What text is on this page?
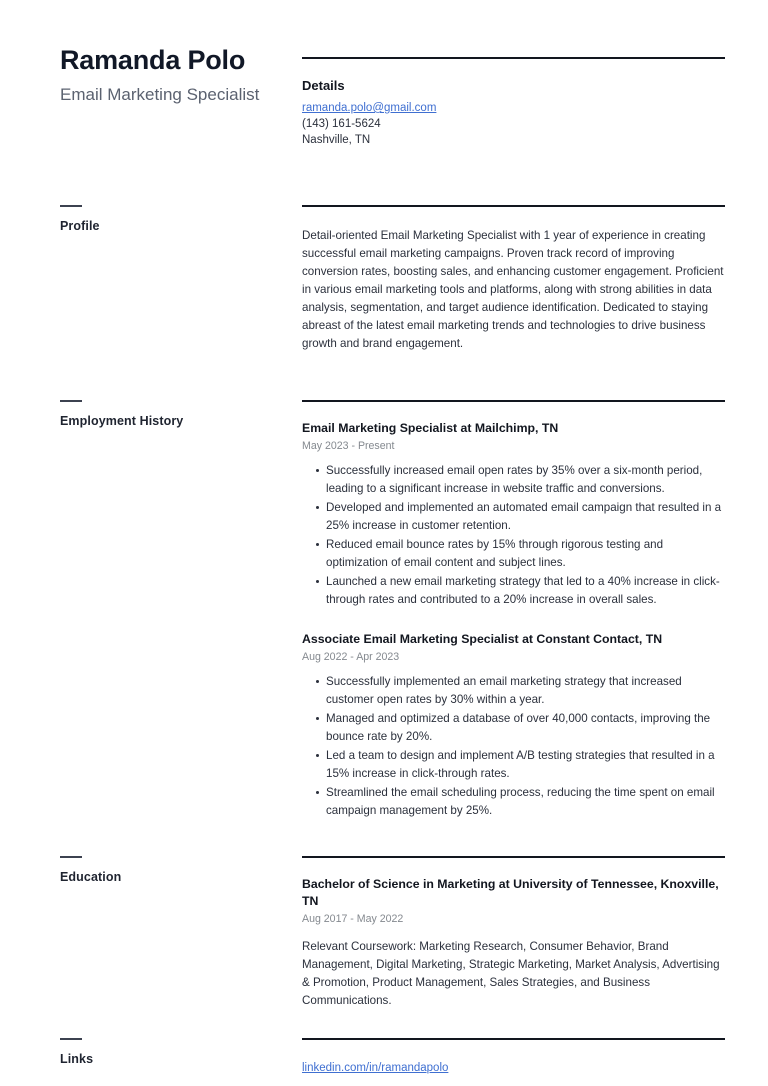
Ramanda Polo
Email Marketing Specialist	Details
ramanda.polo@gmail.com
(143) 161-5624
Nashville, TN
Profile

Detail-oriented Email Marketing Specialist with 1 year of experience in creating successful email marketing campaigns. Proven track record of improving conversion rates, boosting sales, and enhancing customer engagement. Proficient in various email marketing tools and platforms, along with strong abilities in data analysis, segmentation, and target audience identification. Dedicated to staying abreast of the latest email marketing trends and technologies to drive business growth and brand engagement.

Employment History	Email Marketing Specialist at Mailchimp, TN
May 2023 - Present
Successfully increased email open rates by 35% over a six-month period, leading to a significant increase in website traffic and conversions.
Developed and implemented an automated email campaign that resulted in a 25% increase in customer retention.
Reduced email bounce rates by 15% through rigorous testing and optimization of email content and subject lines.
Launched a new email marketing strategy that led to a 40% increase in click-through rates and contributed to a 20% increase in overall sales.
Associate Email Marketing Specialist at Constant Contact, TN
Aug 2022 - Apr 2023
Successfully implemented an email marketing strategy that increased customer open rates by 30% within a year.
Managed and optimized a database of over 40,000 contacts, improving the bounce rate by 20%.
Led a team to design and implement A/B testing strategies that resulted in a 15% increase in click-through rates.
Streamlined the email scheduling process, reducing the time spent on email campaign management by 25%.
Education	Bachelor of Science in Marketing at University of Tennessee, Knoxville, TN
Aug 2017 - May 2022

Relevant Coursework: Marketing Research, Consumer Behavior, Brand Management, Digital Marketing, Strategic Marketing, Market Analysis, Advertising & Promotion, Product Management, Sales Strategies, and Business Communications.

Links
linkedin.com/in/ramandapolo
